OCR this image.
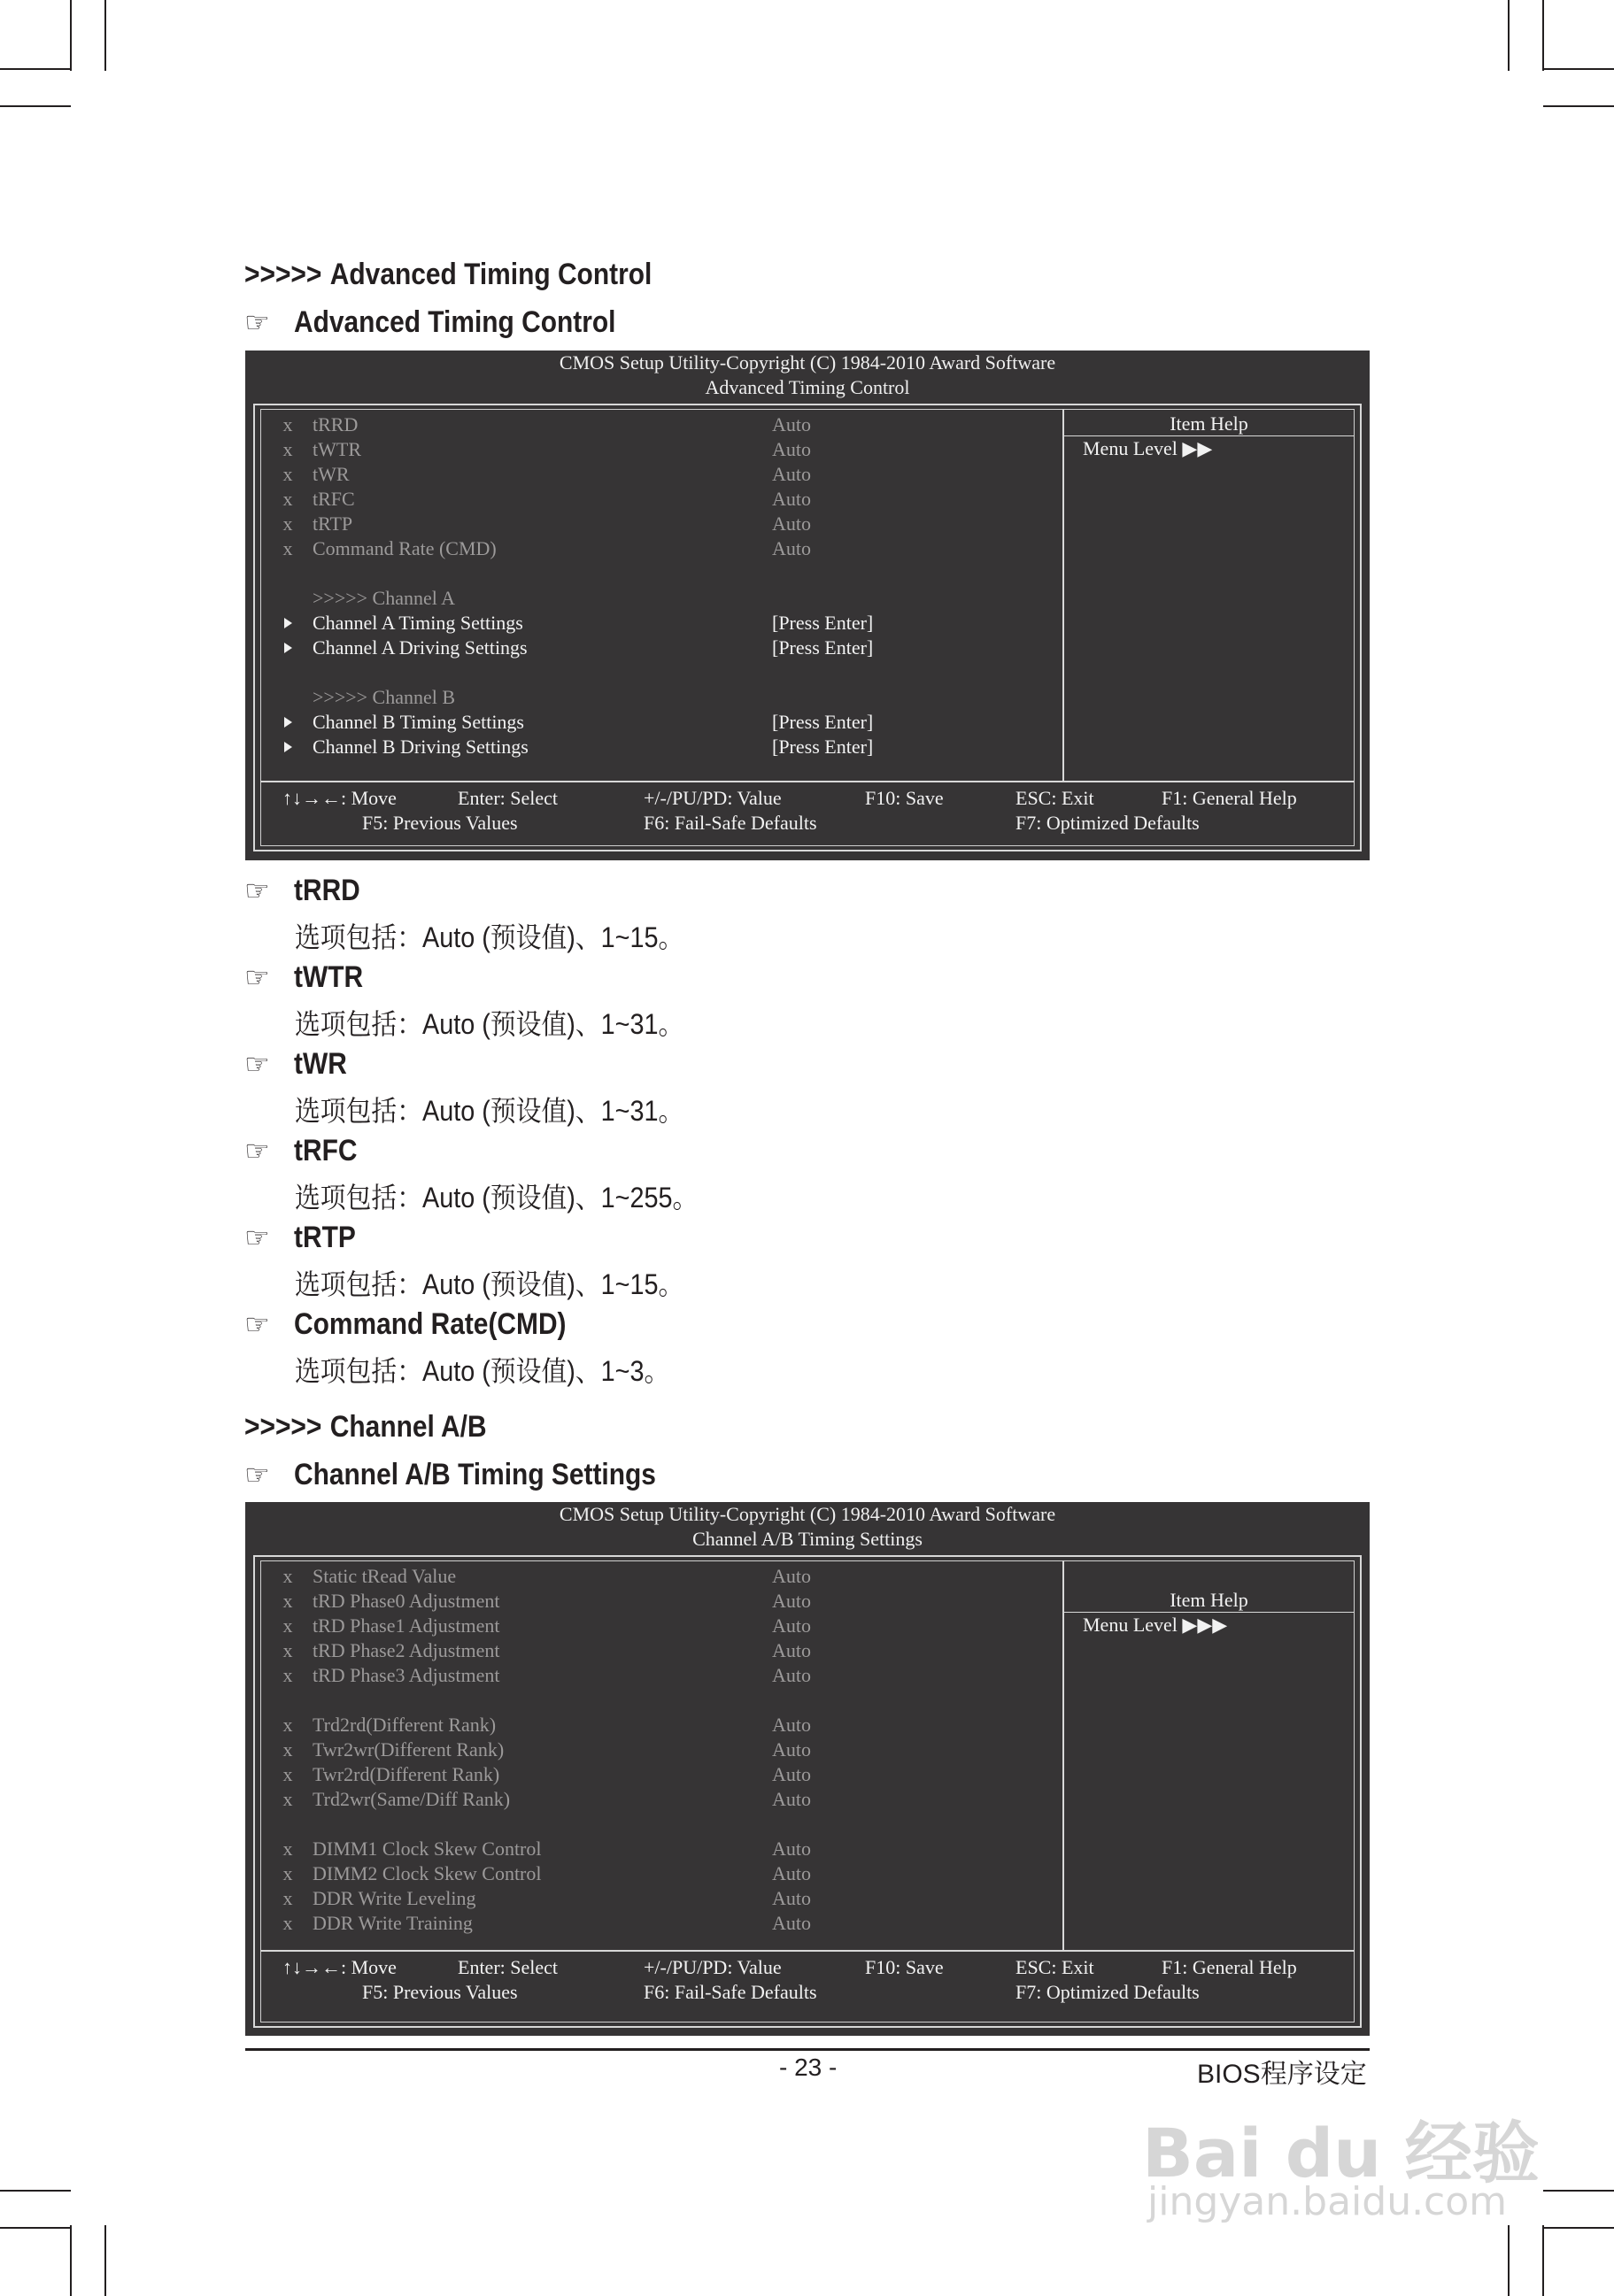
>>>>> Advanced Timing Control
☞ Advanced Timing Control
CMOS Setup Utility-Copyright (C) 1984-2010 Award Software
Advanced Timing Control
Item Help
Menu Level ▶▶
x tRRD	Auto
x tWTR	Auto
x tWR	Auto
x tRFC	Auto
x tRTP	Auto
x Command Rate (CMD)	Auto
>>>>> Channel A
Channel A Timing Settings	[Press Enter]
Channel A Driving Settings	[Press Enter]
>>>>> Channel B
Channel B Timing Settings	[Press Enter]
Channel B Driving Settings	[Press Enter]
↑↓→←: Move	Enter: Select	+/-/PU/PD: Value	F10: Save	ESC: Exit	F1: General Help
F5: Previous Values	F6: Fail-Safe Defaults	F7: Optimized Defaults
☞ tRRD
选项包括：Auto (预设值)、1~15。
☞ tWTR
选项包括：Auto (预设值)、1~31。
☞ tWR
选项包括：Auto (预设值)、1~31。
☞ tRFC
选项包括：Auto (预设值)、1~255。
☞ tRTP
选项包括：Auto (预设值)、1~15。
☞ Command Rate(CMD)
选项包括：Auto (预设值)、1~3。
>>>>> Channel A/B
☞ Channel A/B Timing Settings
CMOS Setup Utility-Copyright (C) 1984-2010 Award Software
Channel A/B Timing Settings
Item Help
Menu Level ▶▶▶
x Static tRead Value	Auto
x tRD Phase0 Adjustment	Auto
x tRD Phase1 Adjustment	Auto
x tRD Phase2 Adjustment	Auto
x tRD Phase3 Adjustment	Auto
x Trd2rd(Different Rank)	Auto
x Twr2wr(Different Rank)	Auto
x Twr2rd(Different Rank)	Auto
x Trd2wr(Same/Diff Rank)	Auto
x DIMM1 Clock Skew Control	Auto
x DIMM2 Clock Skew Control	Auto
x DDR Write Leveling	Auto
x DDR Write Training	Auto
↑↓→←: Move	Enter: Select	+/-/PU/PD: Value	F10: Save	ESC: Exit	F1: General Help
F5: Previous Values	F6: Fail-Safe Defaults	F7: Optimized Defaults
- 23 -	BIOS程序设定
Bai du 经验
jingyan.baidu.com
